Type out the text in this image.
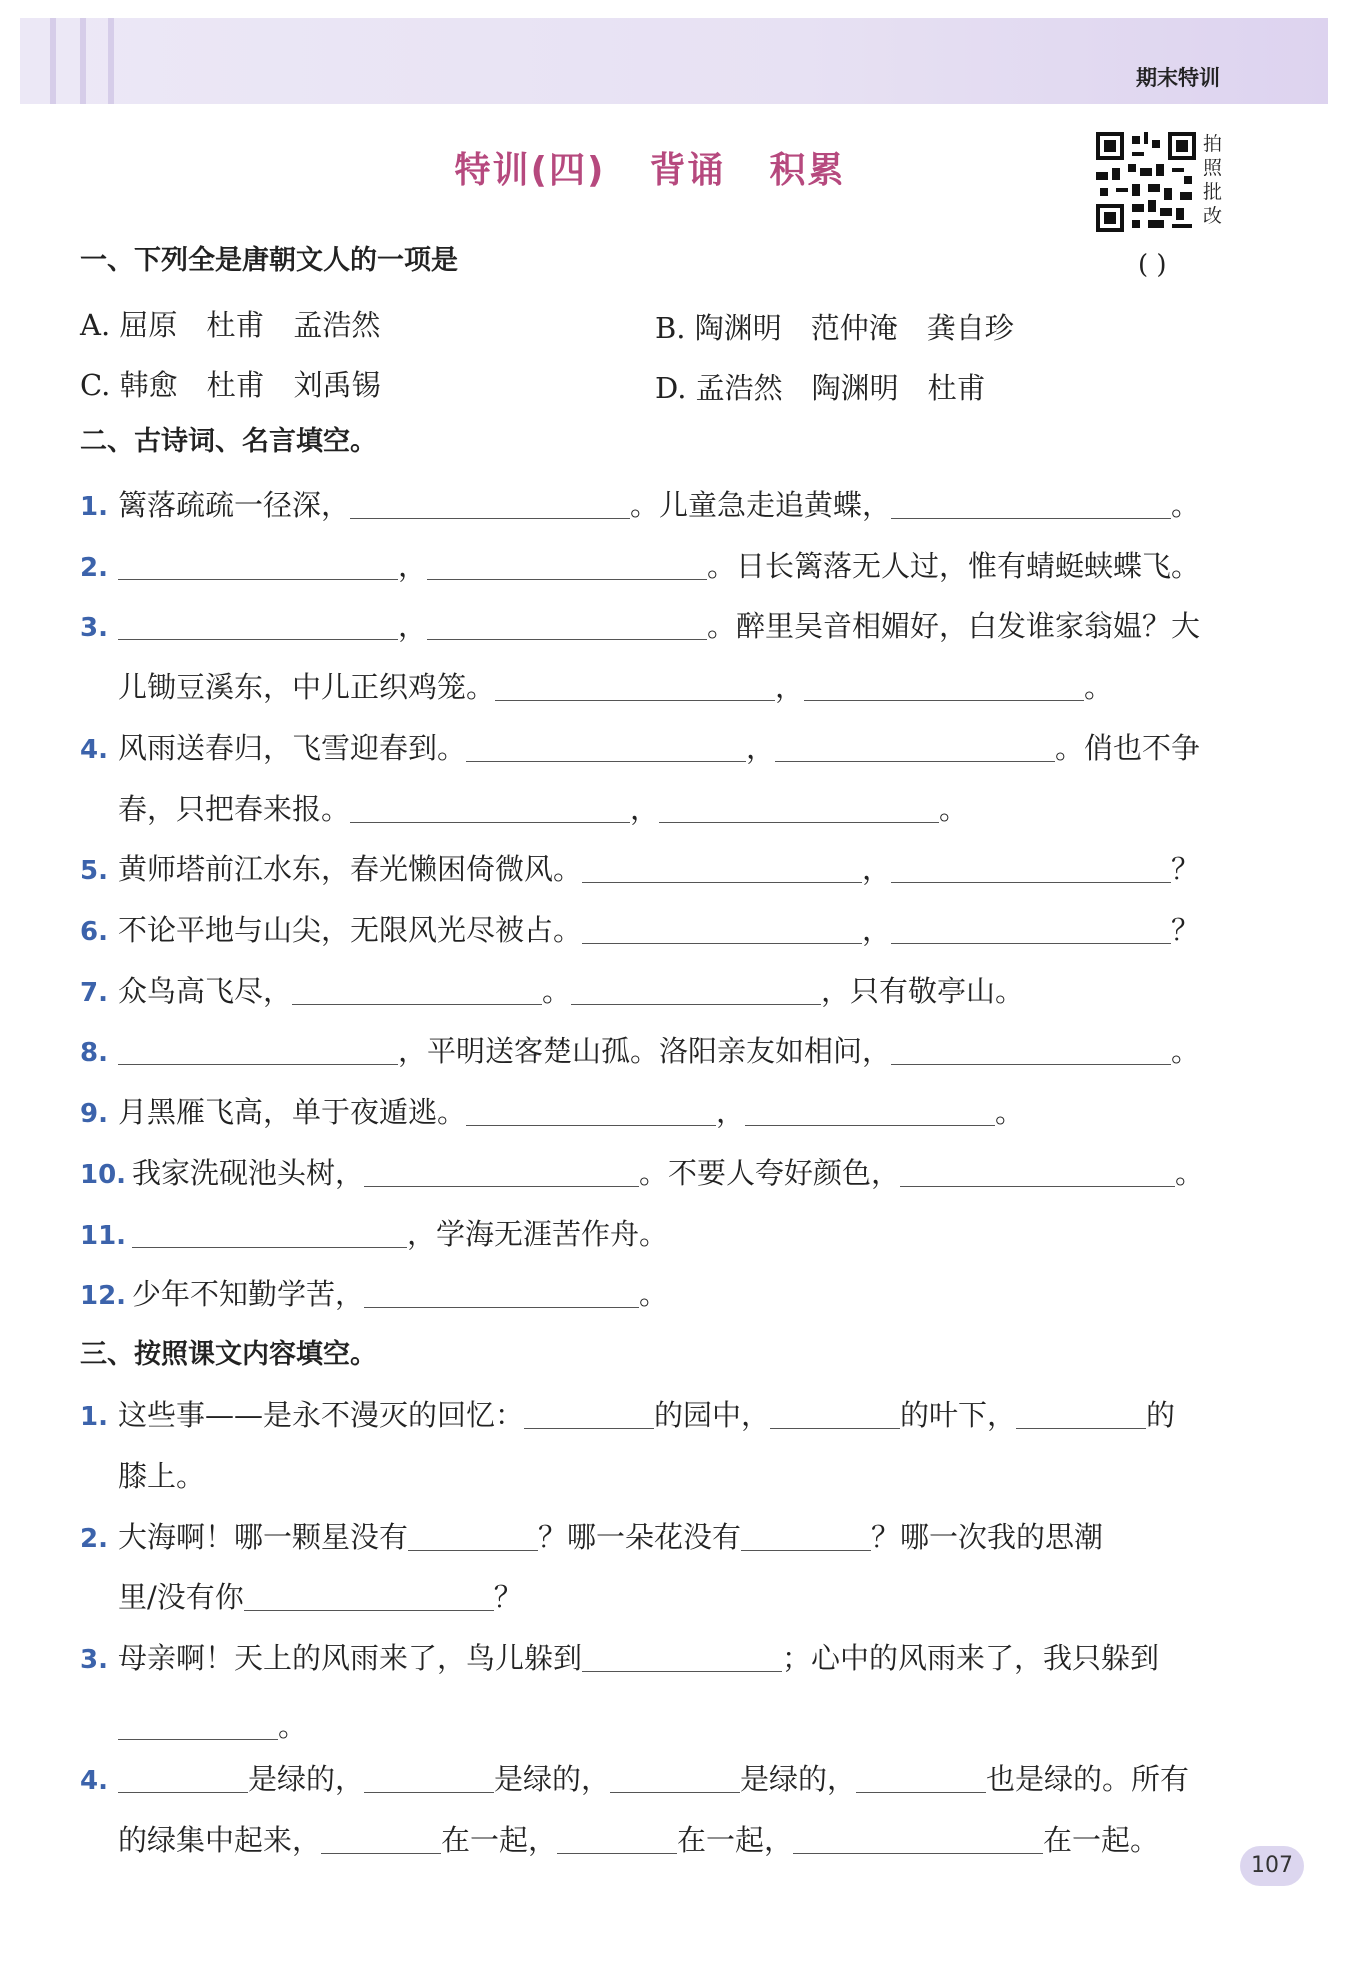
期末特训
特训(四) 背诵 积累
拍照批改
一、下列全是唐朝文人的一项是	( )
A. 屈原　杜甫　孟浩然	B. 陶渊明　范仲淹　龚自珍
C. 韩愈　杜甫　刘禹锡	D. 孟浩然　陶渊明　杜甫
二、古诗词、名言填空。
1. 篱落疏疏一径深，	。儿童急走追黄蝶，	。
2.	，	。日长篱落无人过，惟有蜻蜓蛱蝶飞。
3.	，	。醉里吴音相媚好，白发谁家翁媪？大
儿锄豆溪东，中儿正织鸡笼。	，	。
4. 风雨送春归，飞雪迎春到。	，	。俏也不争
春，只把春来报。	，	。
5. 黄师塔前江水东，春光懒困倚微风。	，	？
6. 不论平地与山尖，无限风光尽被占。	，	？
7. 众鸟高飞尽，	。	，只有敬亭山。
8.	，平明送客楚山孤。洛阳亲友如相问，	。
9. 月黑雁飞高，单于夜遁逃。	，	。
10. 我家洗砚池头树，	。不要人夸好颜色，	。
11.	，学海无涯苦作舟。
12. 少年不知勤学苦，	。
三、按照课文内容填空。
1. 这些事——是永不漫灭的回忆：	的园中，	的叶下，	的
膝上。
2. 大海啊！哪一颗星没有	？哪一朵花没有	？哪一次我的思潮
里/没有你	？
3. 母亲啊！天上的风雨来了，鸟儿躲到	；心中的风雨来了，我只躲到
。
4.	是绿的，	是绿的，	是绿的，	也是绿的。所有
的绿集中起来，	在一起，	在一起，	在一起。
107
